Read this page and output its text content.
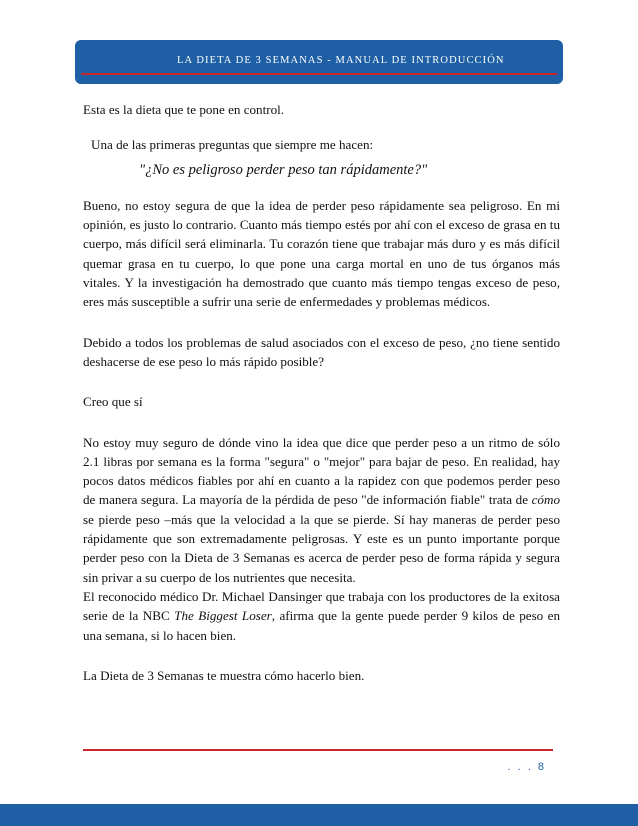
LA DIETA DE 3 SEMANAS - MANUAL DE INTRODUCCIÓN

Esta es la dieta que te pone en control.

Una de las primeras preguntas que siempre me hacen:

"¿No es peligroso perder peso tan rápidamente?"

Bueno, no estoy segura de que la idea de perder peso rápidamente sea peligroso. En mi opinión, es justo lo contrario. Cuanto más tiempo estés por ahí con el exceso de grasa en tu cuerpo, más difícil será eliminarla. Tu corazón tiene que trabajar más duro y es más difícil quemar grasa en tu cuerpo, lo que pone una carga mortal en uno de tus órganos más vitales. Y la investigación ha demostrado que cuanto más tiempo tengas exceso de peso, eres más susceptible a sufrir una serie de enfermedades y problemas médicos.

Debido a todos los problemas de salud asociados con el exceso de peso, ¿no tiene sentido deshacerse de ese peso lo más rápido posible?

Creo que sí

No estoy muy seguro de dónde vino la idea que dice que perder peso a un ritmo de sólo 2.1 libras por semana es la forma "segura" o "mejor" para bajar de peso. En realidad, hay pocos datos médicos fiables por ahí en cuanto a la rapidez con que podemos perder peso de manera segura. La mayoría de la pérdida de peso "de información fiable" trata de cómo se pierde peso –más que la velocidad a la que se pierde. Sí hay maneras de perder peso rápidamente que son extremadamente peligrosas. Y este es un punto importante porque perder peso con la Dieta de 3 Semanas es acerca de perder peso de forma rápida y segura sin privar a su cuerpo de los nutrientes que necesita.

El reconocido médico Dr. Michael Dansinger que trabaja con los productores de la exitosa serie de la NBC The Biggest Loser, afirma que la gente puede perder 9 kilos de peso en una semana, si lo hacen bien.

La Dieta de 3 Semanas te muestra cómo hacerlo bien.

. . . 8
